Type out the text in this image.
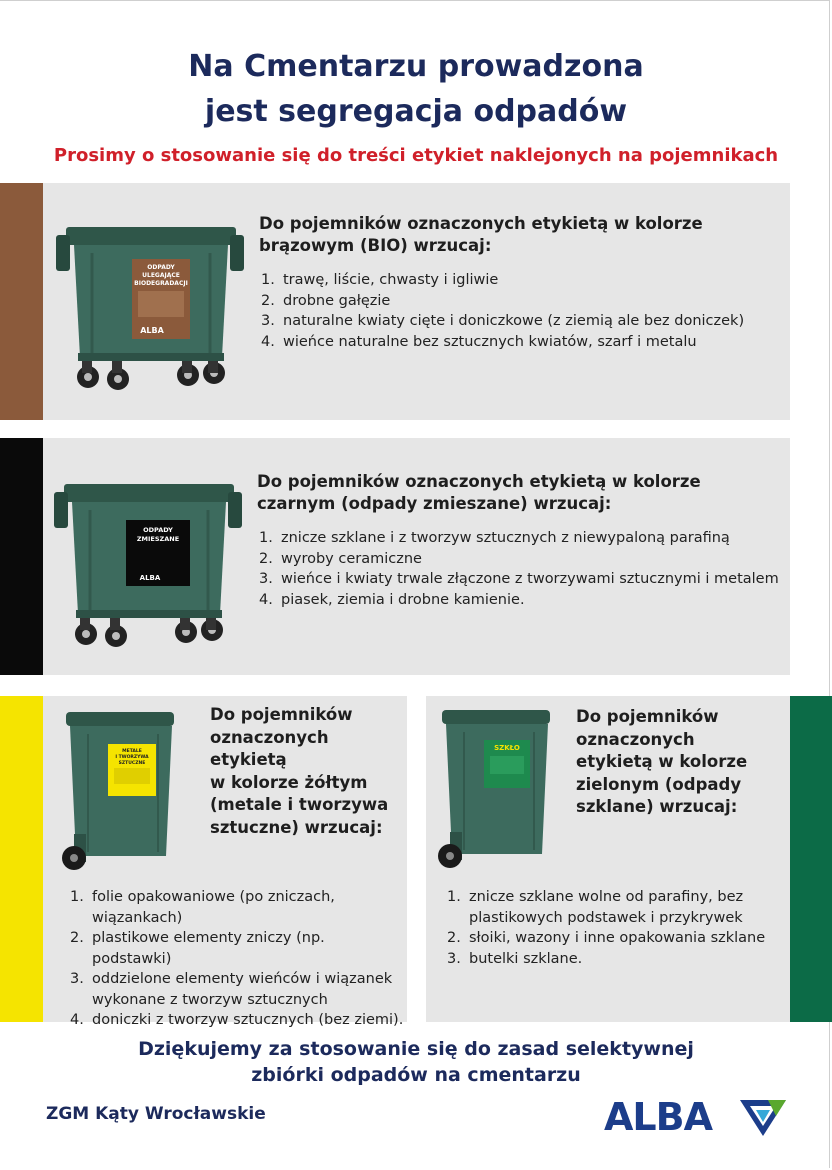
Na Cmentarzu prowadzona
jest segregacja odpadów
Prosimy o stosowanie się do treści etykiet naklejonych na pojemnikach
ODPADY
ULEGAJĄCE
BIODEGRADACJI
ALBA
Do pojemników oznaczonych etykietą w kolorze
brązowym (BIO) wrzucaj:
1. trawę, liście, chwasty i igliwie
2. drobne gałęzie
3. naturalne kwiaty cięte i doniczkowe (z ziemią ale bez doniczek)
4. wieńce naturalne bez sztucznych kwiatów, szarf i metalu
ODPADY
ZMIESZANE
ALBA
Do pojemników oznaczonych etykietą w kolorze
czarnym (odpady zmieszane) wrzucaj:
1. znicze szklane i z tworzyw sztucznych z niewypaloną parafiną
2. wyroby ceramiczne
3. wieńce i kwiaty trwale złączone z tworzywami sztucznymi i metalem
4. piasek, ziemia i drobne kamienie.
METALE
I TWORZYWA
SZTUCZNE
Do pojemników
oznaczonych
etykietą
w kolorze żółtym
(metale i tworzywa
sztuczne) wrzucaj:
1. folie opakowaniowe (po zniczach,
wiązankach)
2. plastikowe elementy zniczy (np. podstawki)
3. oddzielone elementy wieńców i wiązanek
wykonane z tworzyw sztucznych
4. doniczki z tworzyw sztucznych (bez ziemi).
SZKŁO
Do pojemników
oznaczonych
etykietą w kolorze
zielonym (odpady
szklane) wrzucaj:
1. znicze szklane wolne od parafiny, bez
plastikowych podstawek i przykrywek
2. słoiki, wazony i inne opakowania szklane
3. butelki szklane.
Dziękujemy za stosowanie się do zasad selektywnej
zbiórki odpadów na cmentarzu
ZGM Kąty Wrocławskie	ALBA
